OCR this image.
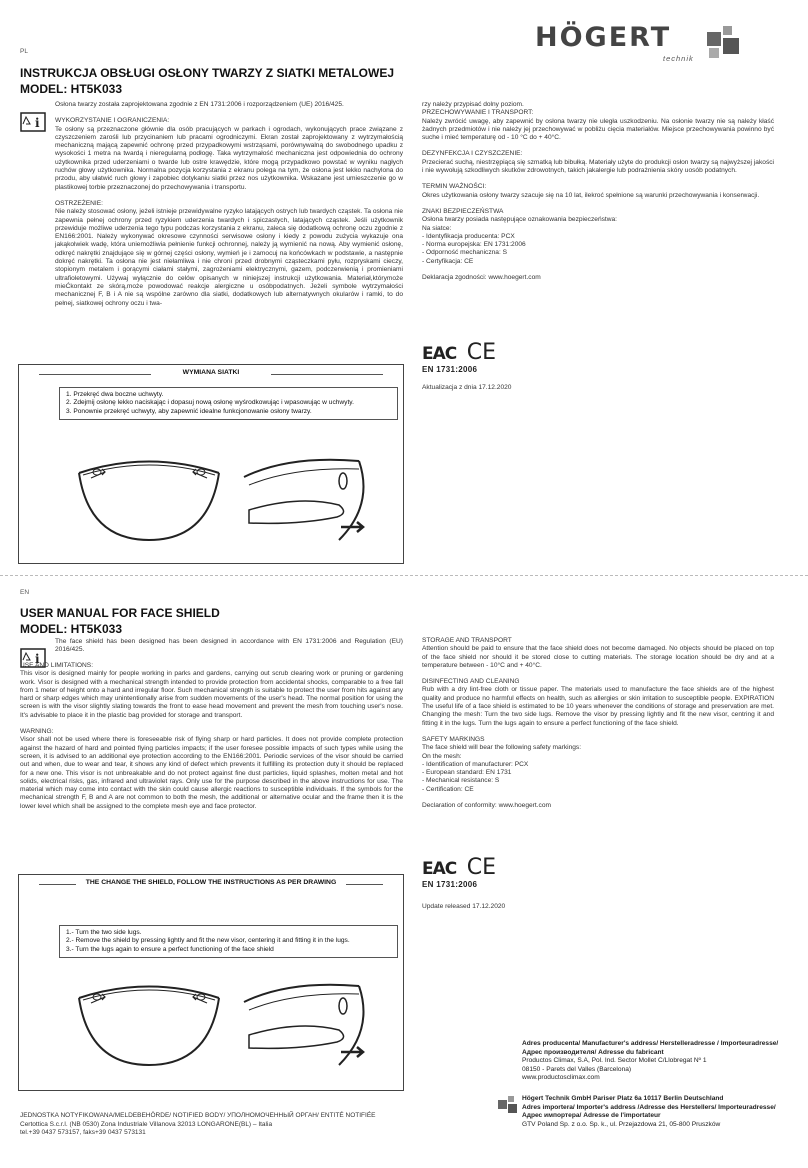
HÖGERT
technik
PL
INSTRUKCJA OBSŁUGI OSŁONY TWARZY Z SIATKI METALOWEJ
MODEL: HT5K033
i

Osłona twarzy została zaprojektowana zgodnie z EN 1731:2006 i rozporządzeniem (UE) 2016/425.

WYKORZYSTANIE I OGRANICZENIA:

Te osłony są przeznaczone głównie dla osób pracujących w parkach i ogrodach, wykonujących prace związane z czyszczeniem zarośli lub przycinaniem lub pracami ogrodniczymi. Ekran został zaprojektowany z wytrzymałością mechaniczną mającą zapewnić ochronę przed przypadkowymi wstrząsami, porównywalną do swobodnego upadku z wysokości 1 metra na twardą i nieregularną podłogę. Taka wytrzymałość mechaniczna jest odpowiednia do ochrony użytkownika przed uderzeniami o twarde lub ostre krawędzie, które mogą przypadkowo powstać w wyniku nagłych ruchów głowy użytkownika. Normalna pozycja korzystania z ekranu polega na tym, że osłona jest lekko nachylona do przodu, aby ułatwić ruch głowy i zapobiec dotykaniu siatki przez nos użytkownika. Wskazane jest umieszczenie go w plastikowej torbie przeznaczonej do przechowywania i transportu.

OSTRZEŻENIE:

Nie należy stosować osłony, jeżeli istnieje przewidywalne ryzyko latających ostrych lub twardych cząstek. Ta osłona nie zapewnia pełnej ochrony przed ryzykiem uderzenia twardych i spiczastych, latających cząstek. Jeśli użytkownik przewiduje możliwe uderzenia tego typu podczas korzystania z ekranu, zaleca się dodatkową ochronę oczu zgodnie z EN166:2001. Należy wykonywać okresowe czynności serwisowe osłony i kiedy z powodu zużycia wykazuje ona jakąkolwiek wadę, która uniemożliwia pełnienie funkcji ochronnej, należy ją wymienić na nową. Aby wymienić osłonę, odkręć nakrętki znajdujące się w górnej części osłony, wymień je i zamocuj na końcówkach w podstawie, a następnie dokręć nakrętki. Ta osłona nie jest niełamliwa i nie chroni przed drobnymi cząsteczkami pyłu, rozpryskami cieczy, stopionym metalem i gorącymi ciałami stałymi, zagrożeniami elektrycznymi, gazem, podczerwienią i promieniami ultrafioletowymi. Używaj wyłącznie do celów opisanych w niniejszej instrukcji użytkowania. Materiał,którymoże mieĆkontakt ze skórą,może powodować reakcje alergiczne u osóbpodatnych. Jeżeli symbole wytrzymałości mechanicznej F, B i A nie są wspólne zarówno dla siatki, dodatkowych lub alternatywnych okularów i ramki, to do pełnej, siatkowej ochrony oczu i twa-

rzy należy przypisać dolny poziom.

PRZECHOWYWANIE I TRANSPORT:

Należy zwrócić uwagę, aby zapewnić by osłona twarzy nie uległa uszkodzeniu. Na osłonie twarzy nie są należy kłaść żadnych przedmiotów i nie należy jej przechowywać w pobliżu cięcia materiałów. Miejsce przechowywania powinno być suche i mieć temperaturę od - 10 °C do + 40°C.

DEZYNFEKCJA I CZYSZCZENIE:

Przecierać suchą, niestrzępiącą się szmatką lub bibułką. Materiały użyte do produkcji osłon twarzy są najwyższej jakości i nie wywołują szkodliwych skutków zdrowotnych, takich jakalergie lub podrażnienia skóry uosób podatnych.

TERMIN WAŻNOŚCI:

Okres użytkowania osłony twarzy szacuje się na 10 lat, ilekroć spełnione są warunki przechowywania i konserwacji.

ZNAKI BEZPIECZEŃSTWA

Osłona twarzy posiada następujące oznakowania bezpieczeństwa:

Na siatce:

- Identyfikacja producenta: PCX

- Norma europejska: EN 1731:2006

- Odporność mechaniczna: S

- Certyfikacja: CE

Deklaracja zgodności: www.hoegert.com

EAC CE
EN 1731:2006
Aktualizacja z dnia 17.12.2020
WYMIANA SIATKI
1. Przekręć dwa boczne uchwyty.
2. Zdejmij osłonę lekko naciskając i dopasuj nową osłonę wyśrodkowując i wpasowując w uchwyty.
3. Ponownie przekręć uchwyty, aby zapewnić idealne funkcjonowanie osłony twarzy.
EN
USER MANUAL FOR FACE SHIELD
MODEL: HT5K033
i

The face shield has been designed has been designed in accordance with EN 1731:2006 and Regulation (EU) 2016/425.

USE AND LIMITATIONS:

This visor is designed mainly for people working in parks and gardens, carrying out scrub clearing work or pruning or gardening work. Visor is designed with a mechanical strength intended to provide protection from accidental shocks, comparable to a free fall from 1 meter of height onto a hard and irregular floor. Such mechanical strength is suitable to protect the user from hits against any hard or sharp edges which may unintentionally arise from sudden movements of the user's head. The normal position for using the screen is with the visor slightly slating towards the front to ease head movement and prevent the mesh from touching user's nose. It's advisable to place it in the plastic bag provided for storage and transport.

WARNING:

Visor shall not be used where there is foreseeable risk of flying sharp or hard particles. It does not provide complete protection against the hazard of hard and pointed flying particles impacts; if the user foresee possible impacts of such types while using the screen, it is advised to an additional eye protection according to the EN166:2001. Periodic services of the visor should be carried out and when, due to wear and tear, it shows any kind of defect which prevents it fulfilling its protection duty it should be replaced for a new one. This visor is not unbreakable and do not protect against fine dust particles, liquid splashes, molten metal and hot solids, electrical risks, gas, infrared and ultraviolet rays. Only use for the purpose described in the above instructions for use. The material which may come into contact with the skin could cause allergic reactions to susceptible individuals. If the symbols for the mechanical strength F, B and A are not common to both the mesh, the additional or alternative ocular and the frame then it is the lower level which shall be assigned to the complete mesh eye and face protector.

STORAGE AND TRANSPORT

Attention should be paid to ensure that the face shield does not become damaged. No objects should be placed on top of the face shield nor should it be stored close to cutting materials. The storage location should be dry and at a temperature between - 10°C and + 40°C.

DISINFECTING AND CLEANING

Rub with a dry lint-free cloth or tissue paper. The materials used to manufacture the face shields are of the highest quality and produce no harmful effects on health, such as allergies or skin irritation to susceptible people. EXPIRATION The useful life of a face shield is estimated to be 10 years whenever the conditions of storage and preservation are met. Changing the mesh: Turn the two side lugs. Remove the visor by pressing lightly and fit the new visor, centring it and fitting it in the lugs. Turn the lugs again to ensure a perfect functioning of the face shield.

SAFETY MARKINGS

The face shield will bear the following safety markings:

On the mesh:

- Identification of manufacturer: PCX

- European standard: EN 1731

- Mechanical resistance: S

- Certification: CE

Declaration of conformity: www.hoegert.com

EAC CE
EN 1731:2006
Update released 17.12.2020
THE CHANGE THE SHIELD, FOLLOW THE INSTRUCTIONS AS PER DRAWING
1.- Turn the two side lugs.
2.- Remove the shield by pressing lightly and fit the new visor, centering it and fitting it in the lugs.
3.- Turn the lugs again to ensure a perfect functioning of the face shield
JEDNOSTKA NOTYFIKOWANA/MELDEBEHÖRDE/ NOTIFIED BODY/ УПОЛНОМОЧЕННЫЙ ОРГАН/ ENTITÉ NOTIFIÉE
Certottica S.c.r.l. (NB 0530) Zona Industriale Villanova 32013 LONGARONE(BL) – Italia
tel.+39 0437 573157, faks+39 0437 573131
Adres producenta/ Manufacturer's address/ Herstelleradresse / Importeuradresse/ Адрес производителя/ Adresse du fabricant
Productos Climax, S.A, Pol. Ind. Sector Mollet C/Llobregat Nº 1
08150 - Parets del Valles (Barcelona)
www.productosclimax.com
Högert Technik GmbH Pariser Platz 6a 10117 Berlin Deutschland
Adres importera/ Importer's address /Adresse des Herstellers/ Importeuradresse/ Адрес импортера/ Adresse de l'importateur
GTV Poland Sp. z o.o. Sp. k., ul. Przejazdowa 21, 05-800 Pruszków
